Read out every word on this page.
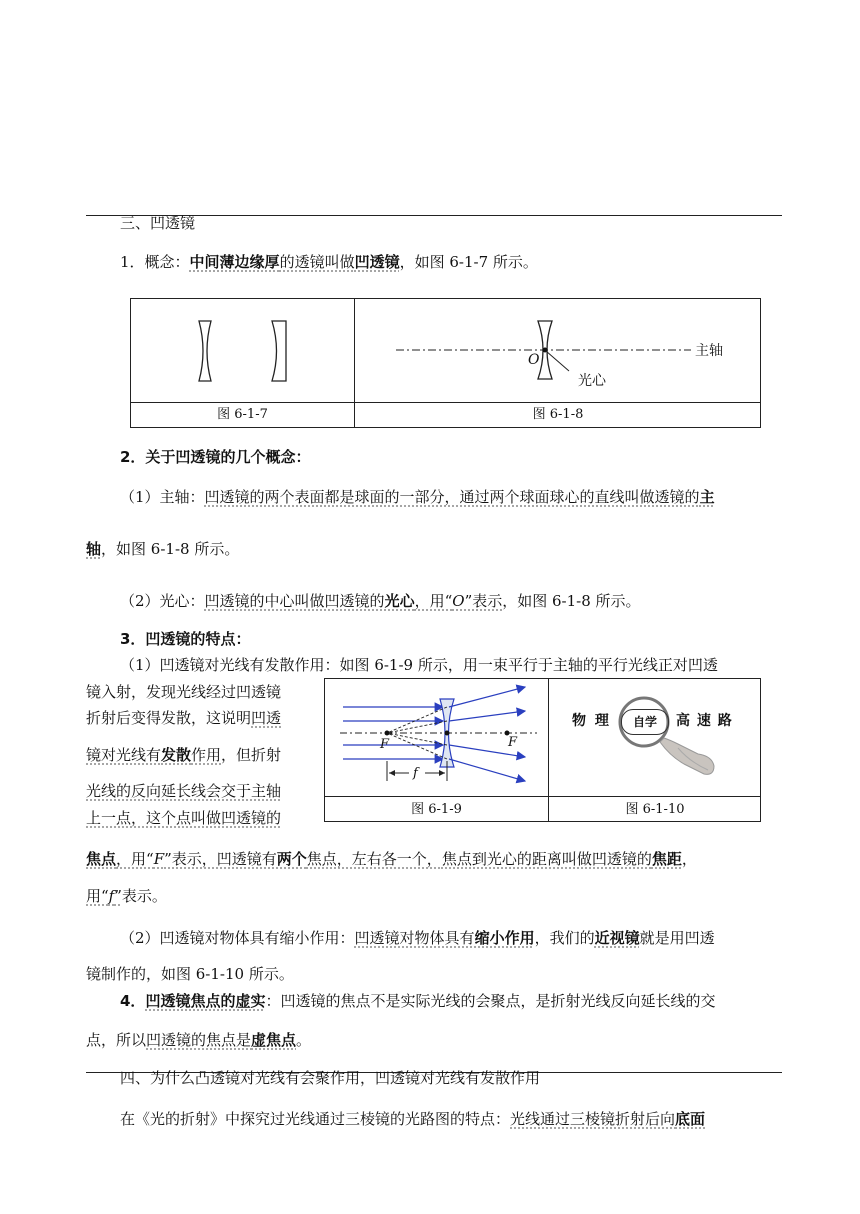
三、凹透镜
1．概念：中间薄边缘厚的透镜叫做凹透镜，如图 6-1-7 所示。
图 6-1-7
主轴
O
光心
图 6-1-8
2．关于凹透镜的几个概念：
（1）主轴：凹透镜的两个表面都是球面的一部分，通过两个球面球心的直线叫做透镜的主
轴，如图 6-1-8 所示。
（2）光心：凹透镜的中心叫做凹透镜的光心，用“O”表示，如图 6-1-8 所示。
3．凹透镜的特点：
（1）凹透镜对光线有发散作用：如图 6-1-9 所示，用一束平行于主轴的平行光线正对凹透
镜入射，发现光线经过凹透镜
折射后变得发散，这说明凹透
镜对光线有发散作用，但折射
光线的反向延长线会交于主轴
上一点，这个点叫做凹透镜的
F	F
f
图 6-1-9
物 理	自学	高 速 路
图 6-1-10
焦点，用“F”表示，凹透镜有两个焦点，左右各一个，焦点到光心的距离叫做凹透镜的焦距，
用“f”表示。
（2）凹透镜对物体具有缩小作用：凹透镜对物体具有缩小作用，我们的近视镜就是用凹透
镜制作的，如图 6-1-10 所示。
4．凹透镜焦点的虚实：凹透镜的焦点不是实际光线的会聚点，是折射光线反向延长线的交
点，所以凹透镜的焦点是虚焦点。
四、为什么凸透镜对光线有会聚作用，凹透镜对光线有发散作用
在《光的折射》中探究过光线通过三棱镜的光路图的特点：光线通过三棱镜折射后向底面
